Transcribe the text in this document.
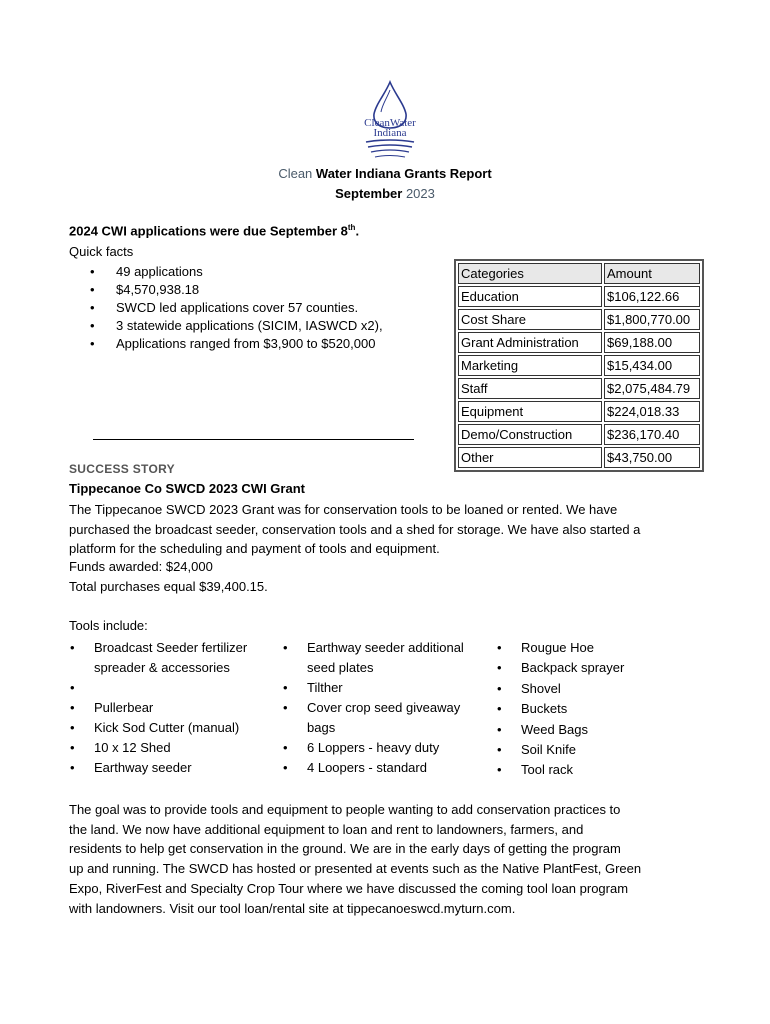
CleanWater
Indiana
Clean Water Indiana Grants Report
September 2023
2024 CWI applications were due September 8th.
Quick facts
• 49 applications
• $4,570,938.18
• SWCD led applications cover 57 counties.
• 3 statewide applications (SICIM, IASWCD x2),
• Applications ranged from $3,900 to $520,000
Categories	Amount
Education	$106,122.66
Cost Share	$1,800,770.00
Grant Administration	$69,188.00
Marketing	$15,434.00
Staff	$2,075,484.79
Equipment	$224,018.33
Demo/Construction	$236,170.40
Other	$43,750.00
SUCCESS STORY
Tippecanoe Co SWCD 2023 CWI Grant

The Tippecanoe SWCD 2023 Grant was for conservation tools to be loaned or rented. We have

purchased the broadcast seeder, conservation tools and a shed for storage. We have also started a

platform for the scheduling and payment of tools and equipment.

Funds awarded: $24,000
Total purchases equal $39,400.15.
Tools include:
• Broadcast Seeder fertilizer
spreader & accessories
•
• Pullerbear
• Kick Sod Cutter (manual)
• 10 x 12 Shed
• Earthway seeder
• Earthway seeder additional
seed plates
• Tilther
• Cover crop seed giveaway
bags
• 6 Loppers - heavy duty
• 4 Loopers - standard
• Rougue Hoe
• Backpack sprayer
• Shovel
• Buckets
• Weed Bags
• Soil Knife
• Tool rack

The goal was to provide tools and equipment to people wanting to add conservation practices to

the land. We now have additional equipment to loan and rent to landowners, farmers, and

residents to help get conservation in the ground. We are in the early days of getting the program

up and running. The SWCD has hosted or presented at events such as the Native PlantFest, Green

Expo, RiverFest and Specialty Crop Tour where we have discussed the coming tool loan program

with landowners. Visit our tool loan/rental site at tippecanoeswcd.myturn.com.
